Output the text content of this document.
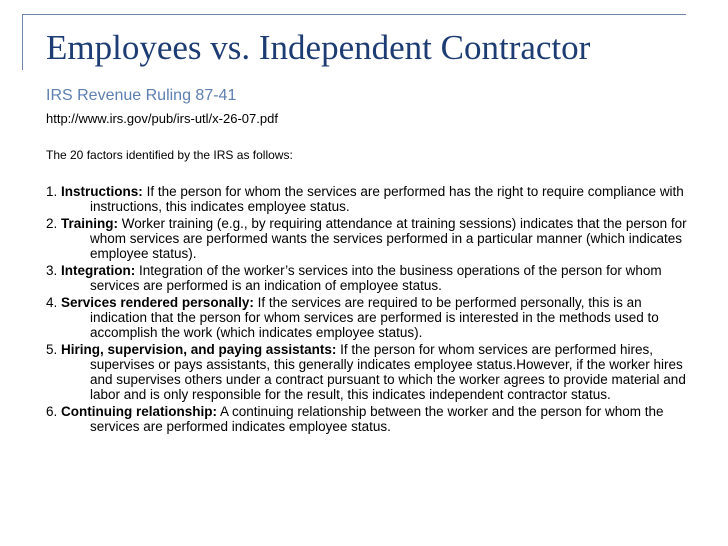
Employees vs. Independent Contractor

IRS Revenue Ruling 87-41

http://www.irs.gov/pub/irs-utl/x-26-07.pdf

The 20 factors identified by the IRS as follows:

1. Instructions: If the person for whom the services are performed has the right to require compliance with instructions, this indicates employee status.
2. Training: Worker training (e.g., by requiring attendance at training sessions) indicates that the person for whom services are performed wants the services performed in a particular manner (which indicates employee status).
3. Integration: Integration of the worker’s services into the business operations of the person for whom services are performed is an indication of employee status.
4. Services rendered personally: If the services are required to be performed personally, this is an indication that the person for whom services are performed is interested in the methods used to accomplish the work (which indicates employee status).
5. Hiring, supervision, and paying assistants: If the person for whom services are performed hires, supervises or pays assistants, this generally indicates employee status.However, if the worker hires and supervises others under a contract pursuant to which the worker agrees to provide material and labor and is only responsible for the result, this indicates independent contractor status.
6. Continuing relationship: A continuing relationship between the worker and the person for whom the services are performed indicates employee status.
